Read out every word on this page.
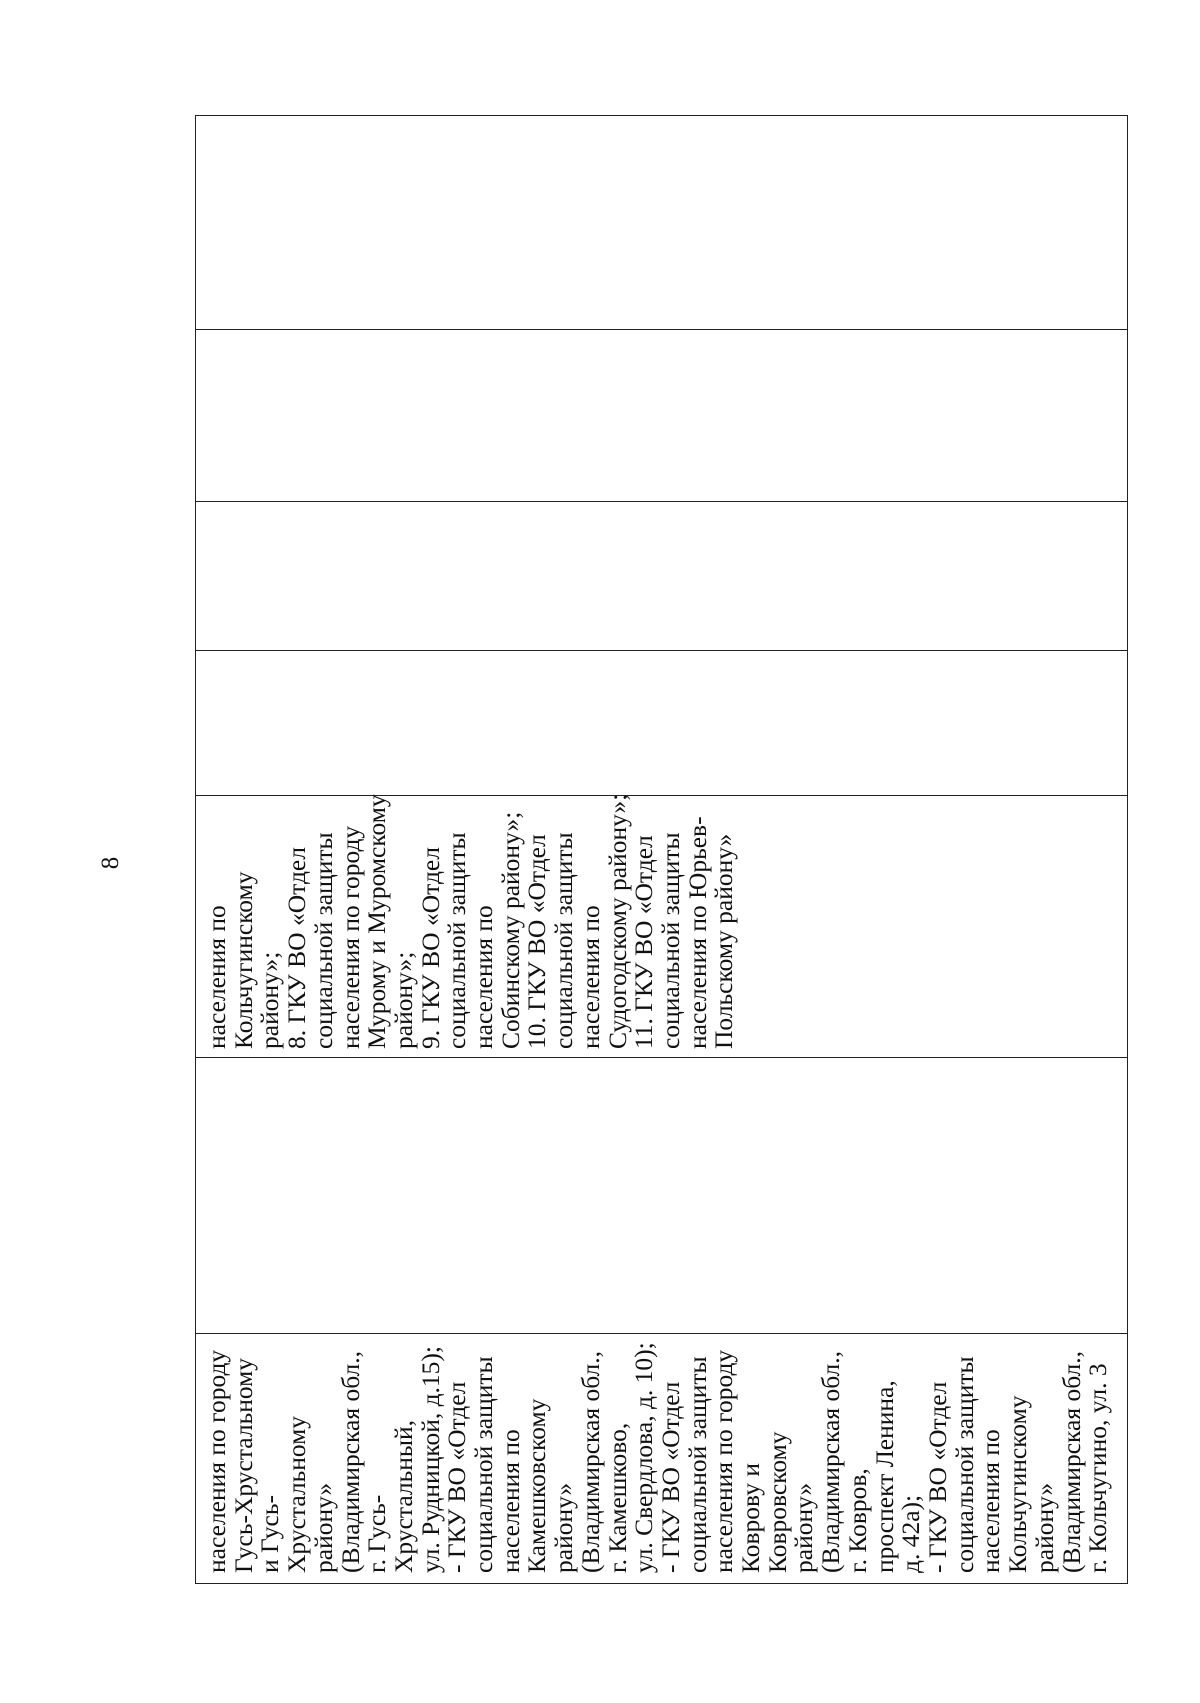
8
населения по городу
Гусь-Хрустальному
и Гусь-
Хрустальному
району»
(Владимирская обл.,
г. Гусь-
Хрустальный,
ул. Рудницкой, д.15);
- ГКУ ВО «Отдел
социальной защиты
населения по
Камешковскому
району»
(Владимирская обл.,
г. Камешково,
ул. Свердлова, д. 10);
- ГКУ ВО «Отдел
социальной защиты
населения по городу
Коврову и
Ковровскому
району»
(Владимирская обл.,
г. Ковров,
проспект Ленина,
д. 42а);
- ГКУ ВО «Отдел
социальной защиты
населения по
Кольчугинскому
району»
(Владимирская обл.,
г. Кольчугино, ул. 3
населения по
Кольчугинскому
району»;
8. ГКУ ВО «Отдел
социальной защиты
населения по городу
Мурому и Муромскому
району»;
9. ГКУ ВО «Отдел
социальной защиты
населения по
Собинскому району»;
10. ГКУ ВО «Отдел
социальной защиты
населения по
Судогодскому району»;
11. ГКУ ВО «Отдел
социальной защиты
населения по Юрьев-
Польскому району»
